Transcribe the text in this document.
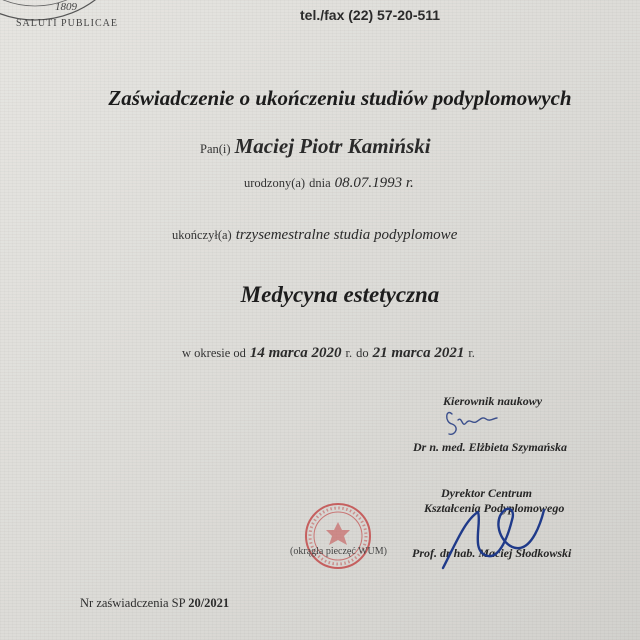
1809
SALUTI PUBLICAE
tel./fax (22) 57-20-511
Zaświadczenie o ukończeniu studiów podyplomowych
Pan(i) Maciej Piotr Kamiński
urodzony(a) dnia 08.07.1993 r.
ukończył(a) trzysemestralne studia podyplomowe
Medycyna estetyczna
w okresie od 14 marca 2020 r. do 21 marca 2021 r.
Kierownik naukowy
Dr n. med. Elżbieta Szymańska
Dyrektor Centrum
Kształcenia Podyplomowego
Prof. dr hab. Maciej Słodkowski
(okrągła pieczęć WUM)
Nr zaświadczenia SP 20/2021
